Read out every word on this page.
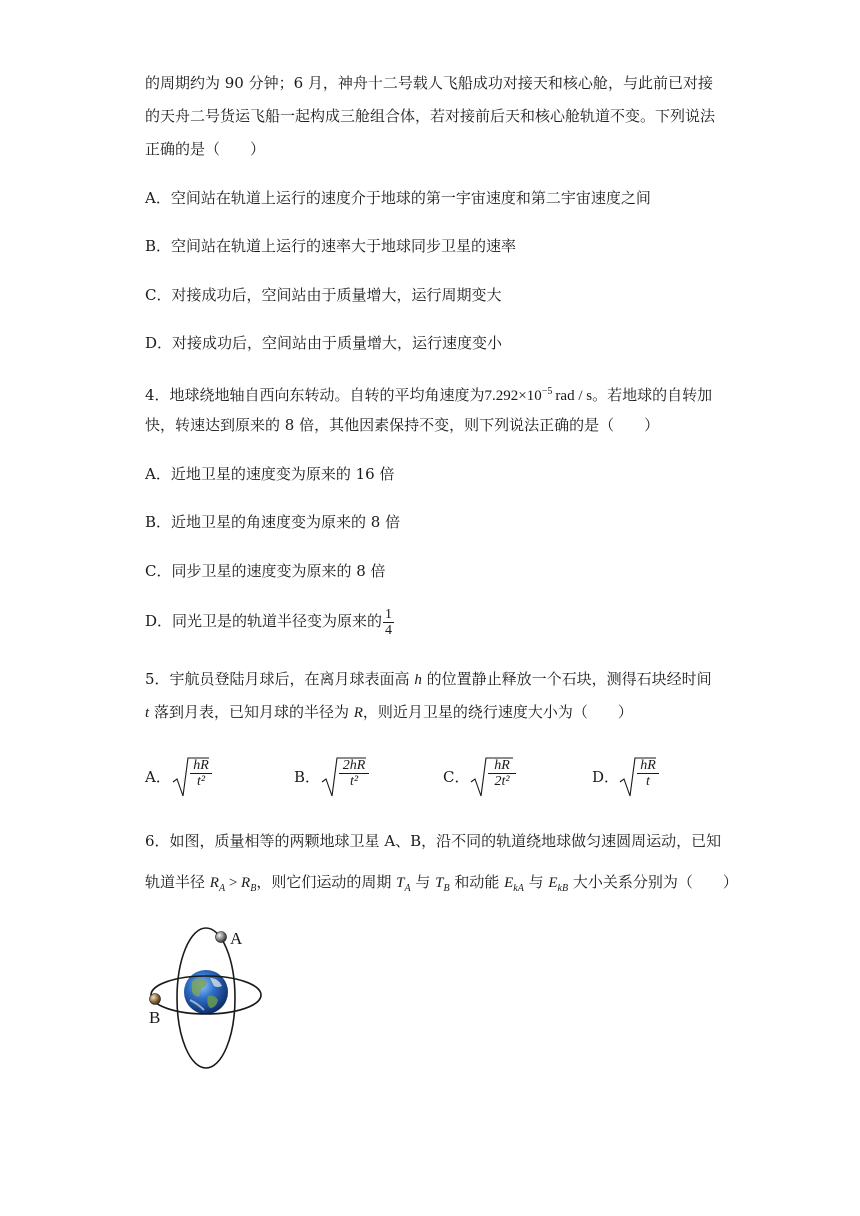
的周期约为 90 分钟；6 月，神舟十二号载人飞船成功对接天和核心舱，与此前已对接
的天舟二号货运飞船一起构成三舱组合体，若对接前后天和核心舱轨道不变。下列说法
正确的是（　　）
A．空间站在轨道上运行的速度介于地球的第一宇宙速度和第二宇宙速度之间
B．空间站在轨道上运行的速率大于地球同步卫星的速率
C．对接成功后，空间站由于质量增大，运行周期变大
D．对接成功后，空间站由于质量增大，运行速度变小
4．地球绕地轴自西向东转动。自转的平均角速度为$7.292\times 10^{-5}$  rad / s。若地球的自转加
快，转速达到原来的 8 倍，其他因素保持不变，则下列说法正确的是（　　）
A．近地卫星的速度变为原来的 16 倍
B．近地卫星的角速度变为原来的 8 倍
C．同步卫星的速度变为原来的 8 倍
D．同光卫是的轨道半径变为原来的 $\frac{1}{4}$
5．宇航员登陆月球后，在离月球表面高 h 的位置静止释放一个石块，测得石块经时间
t 落到月表，已知月球的半径为 R，则近月卫星的绕行速度大小为（　　）
A． $\frac{hR}{\text{t²}}$	B． $\frac{2hR}{\text{t²}}$	C． $\frac{hR}{\text{2t²}}$	D． $\frac{hR}{t}$
6．如图，质量相等的两颗地球卫星 A、B，沿不同的轨道绕地球做匀速圆周运动，已知
轨道半径 $R_A > R_B$，则它们运动的周期 $T_A$ 与 $T_B$ 和动能 $E_{kA}$ 与 $E_{kB}$ 大小关系分别为（　　）
A
B
